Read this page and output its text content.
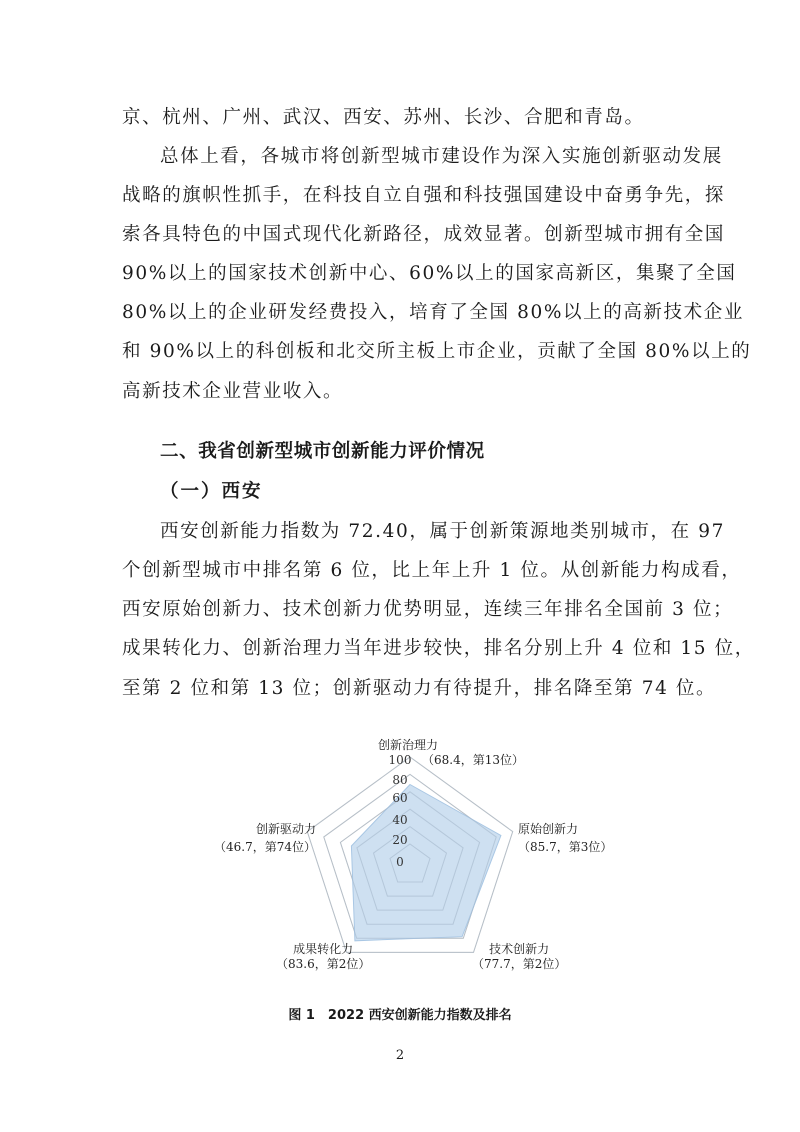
京、杭州、广州、武汉、西安、苏州、长沙、合肥和青岛。
总体上看，各城市将创新型城市建设作为深入实施创新驱动发展
战略的旗帜性抓手，在科技自立自强和科技强国建设中奋勇争先，探
索各具特色的中国式现代化新路径，成效显著。创新型城市拥有全国
90%以上的国家技术创新中心、60%以上的国家高新区，集聚了全国
80%以上的企业研发经费投入，培育了全国 80%以上的高新技术企业
和 90%以上的科创板和北交所主板上市企业，贡献了全国 80%以上的
高新技术企业营业收入。
二、我省创新型城市创新能力评价情况
（一）西安
西安创新能力指数为 72.40，属于创新策源地类别城市，在 97
个创新型城市中排名第 6 位，比上年上升 1 位。从创新能力构成看，
西安原始创新力、技术创新力优势明显，连续三年排名全国前 3 位；
成果转化力、创新治理力当年进步较快，排名分别上升 4 位和 15 位，
至第 2 位和第 13 位；创新驱动力有待提升，排名降至第 74 位。
创新治理力
（68.4，第13位）
原始创新力
（85.7，第3位）
技术创新力
（77.7，第2位）
成果转化力
（83.6，第2位）
创新驱动力
（46.7，第74位）
100
80
60
40
20
0
图 1　2022 西安创新能力指数及排名
2
